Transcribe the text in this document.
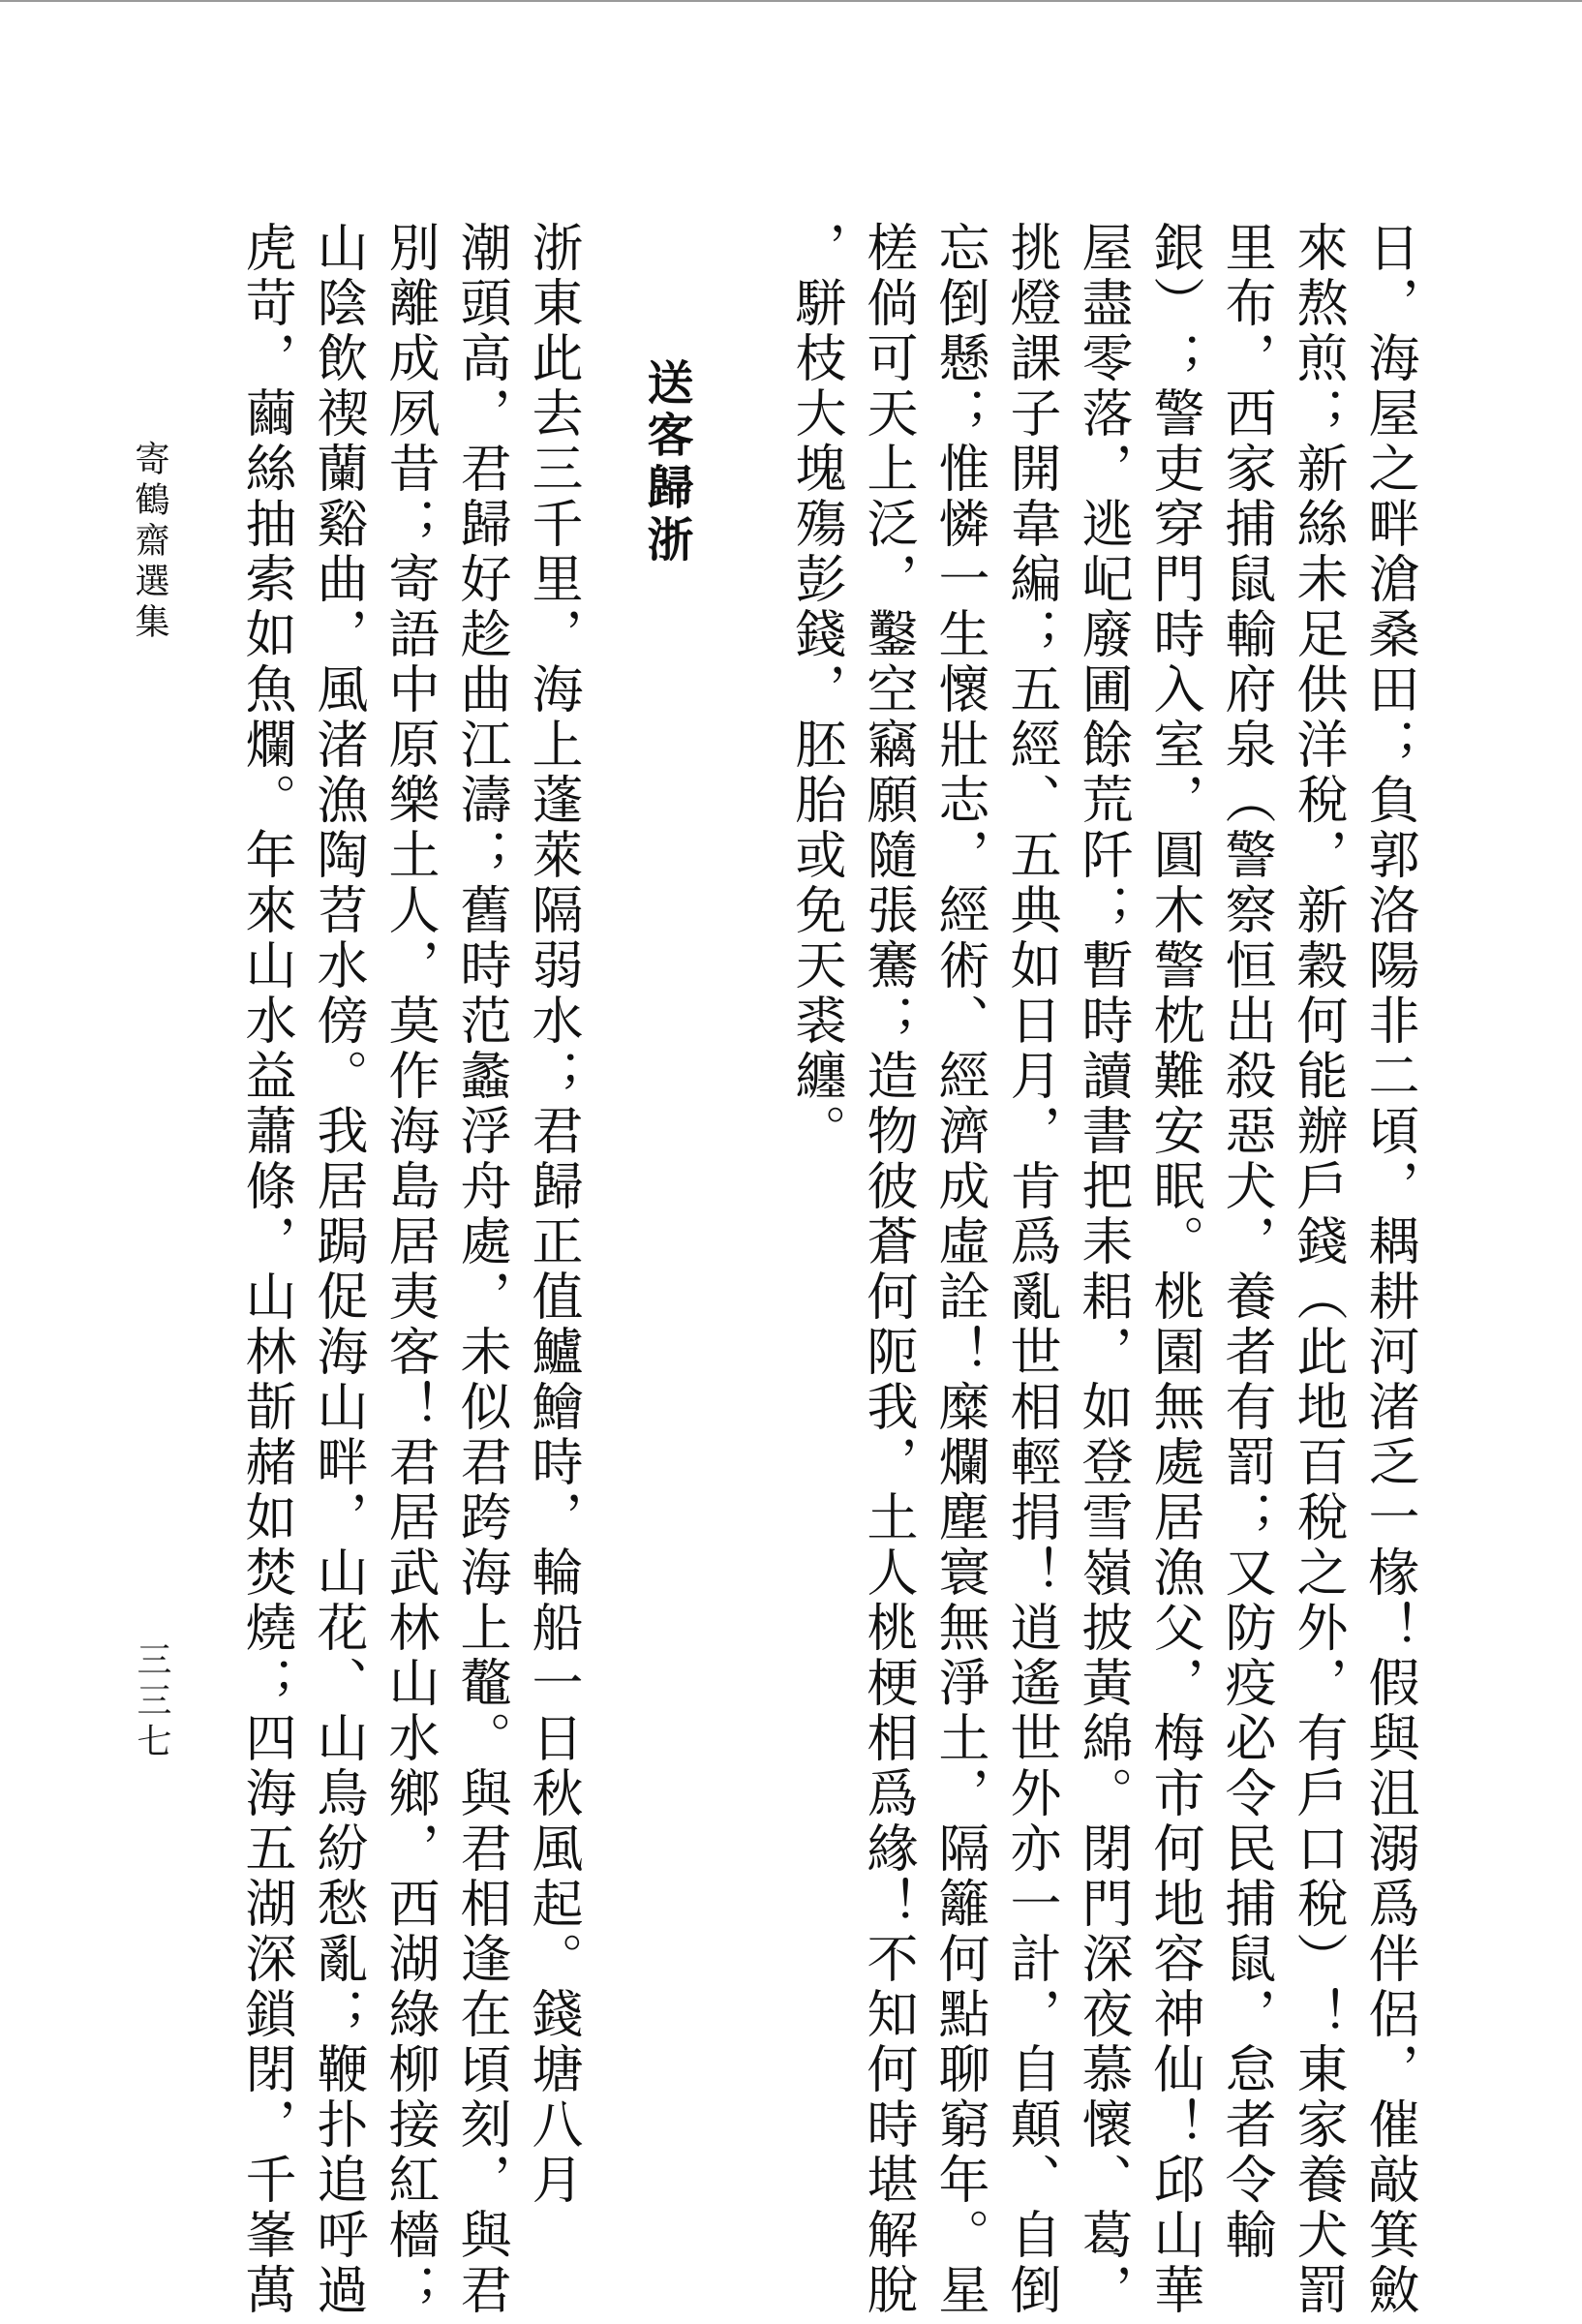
日，海屋之畔滄桑田；負郭洛陽非二頃，耦耕河渚乏一椽！假與沮溺爲伴侶，催敲箕斂

來熬煎；新絲未足供洋稅，新穀何能辦戶錢（此地百稅之外，有戶口稅）！東家養犬罰

里布，西家捕鼠輸府泉（警察恒出殺惡犬，養者有罰；又防疫必令民捕鼠，怠者令輸

銀）；警吏穿門時入室，圓木警枕難安眠。桃園無處居漁父，梅市何地容神仙！邱山華

屋盡零落，逃屺廢圃餘荒阡；暫時讀書把耒耜，如登雪嶺披黃綿。閉門深夜慕懷、葛，

挑燈課子開韋編；五經、五典如日月，肯爲亂世相輕捐！逍遙世外亦一計，自顛、自倒

忘倒懸；惟憐一生懷壯志，經術、經濟成虛詮！糜爛塵寰無淨土，隔籬何點聊窮年。星

槎倘可天上泛，鑿空竊願隨張騫；造物彼蒼何阨我，土人桃梗相爲緣！不知何時堪解脫

，駢枝大塊殤彭錢，胚胎或免天裘纏。

送客歸浙

浙東此去三千里，海上蓬萊隔弱水；君歸正值鱸鱠時，輪船一日秋風起。錢塘八月

潮頭高，君歸好趁曲江濤；舊時范蠡浮舟處，未似君跨海上鼇。與君相逢在頃刻，與君

別離成夙昔；寄語中原樂土人，莫作海島居夷客！君居武林山水鄉，西湖綠柳接紅檣；

山陰飲禊蘭谿曲，風渚漁陶苕水傍。我居跼促海山畔，山花、山鳥紛愁亂；鞭扑追呼過

虎苛，繭絲抽索如魚爛。年來山水益蕭條，山林斮赭如焚燒；四海五湖深鎖閉，千峯萬

寄鶴齋選集
三三七
